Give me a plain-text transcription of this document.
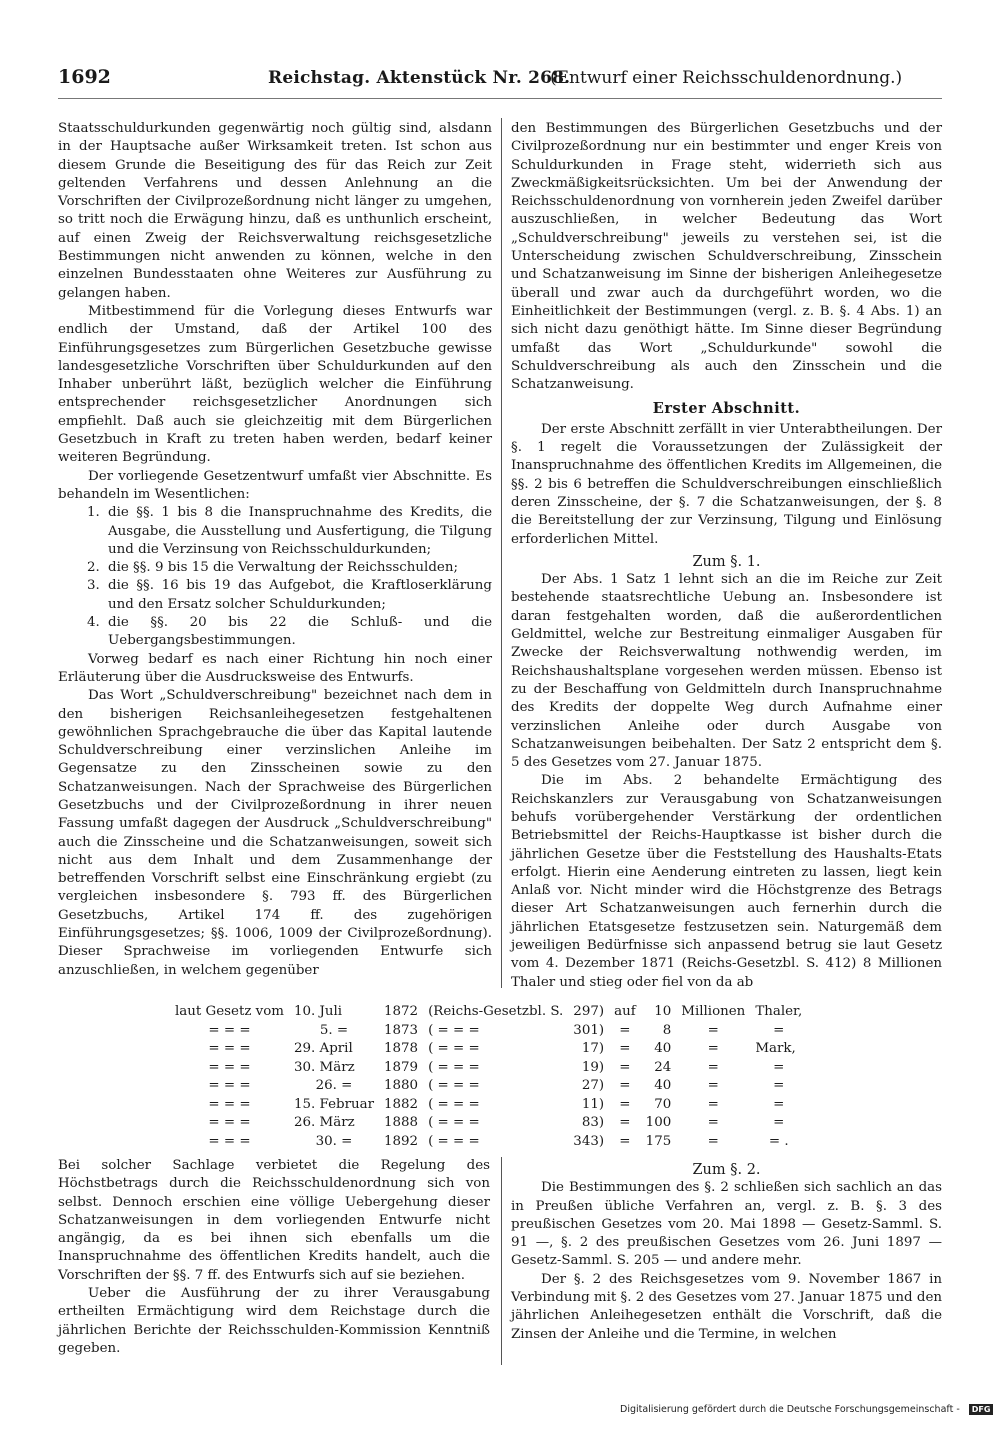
1692	Reichstag. Aktenstück Nr. 268.
(Entwurf einer Reichsschuldenordnung.)

Staatsschuldurkunden gegenwärtig noch gültig sind, alsdann in der Hauptsache außer Wirksamkeit treten. Ist schon aus diesem Grunde die Beseitigung des für das Reich zur Zeit geltenden Verfahrens und dessen Anlehnung an die Vorschriften der Civilprozeßordnung nicht länger zu umgehen, so tritt noch die Erwägung hinzu, daß es unthunlich erscheint, auf einen Zweig der Reichsverwaltung reichsgesetzliche Bestimmungen nicht anwenden zu können, welche in den einzelnen Bundesstaaten ohne Weiteres zur Ausführung zu gelangen haben.

Mitbestimmend für die Vorlegung dieses Entwurfs war endlich der Umstand, daß der Artikel 100 des Einführungsgesetzes zum Bürgerlichen Gesetzbuche gewisse landesgesetzliche Vorschriften über Schuldurkunden auf den Inhaber unberührt läßt, bezüglich welcher die Einführung entsprechender reichsgesetzlicher Anordnungen sich empfiehlt. Daß auch sie gleichzeitig mit dem Bürgerlichen Gesetzbuch in Kraft zu treten haben werden, bedarf keiner weiteren Begründung.

Der vorliegende Gesetzentwurf umfaßt vier Abschnitte. Es behandeln im Wesentlichen:

1. die §§. 1 bis 8 die Inanspruchnahme des Kredits, die Ausgabe, die Ausstellung und Ausfertigung, die Tilgung und die Verzinsung von Reichsschuldurkunden;
2. die §§. 9 bis 15 die Verwaltung der Reichsschulden;
3. die §§. 16 bis 19 das Aufgebot, die Kraftloserklärung und den Ersatz solcher Schuldurkunden;
4. die §§. 20 bis 22 die Schluß- und die Uebergangsbestimmungen.

Vorweg bedarf es nach einer Richtung hin noch einer Erläuterung über die Ausdrucksweise des Entwurfs.

Das Wort „Schuldverschreibung" bezeichnet nach dem in den bisherigen Reichsanleihegesetzen festgehaltenen gewöhnlichen Sprachgebrauche die über das Kapital lautende Schuldverschreibung einer verzinslichen Anleihe im Gegensatze zu den Zinsscheinen sowie zu den Schatzanweisungen. Nach der Sprachweise des Bürgerlichen Gesetzbuchs und der Civilprozeßordnung in ihrer neuen Fassung umfaßt dagegen der Ausdruck „Schuldverschreibung" auch die Zinsscheine und die Schatzanweisungen, soweit sich nicht aus dem Inhalt und dem Zusammenhange der betreffenden Vorschrift selbst eine Einschränkung ergiebt (zu vergleichen insbesondere §. 793 ff. des Bürgerlichen Gesetzbuchs, Artikel 174 ff. des zugehörigen Einführungsgesetzes; §§. 1006, 1009 der Civilprozeßordnung). Dieser Sprachweise im vorliegenden Entwurfe sich anzuschließen, in welchem gegenüber

den Bestimmungen des Bürgerlichen Gesetzbuchs und der Civilprozeßordnung nur ein bestimmter und enger Kreis von Schuldurkunden in Frage steht, widerrieth sich aus Zweckmäßigkeitsrücksichten. Um bei der Anwendung der Reichsschuldenordnung von vornherein jeden Zweifel darüber auszuschließen, in welcher Bedeutung das Wort „Schuldverschreibung" jeweils zu verstehen sei, ist die Unterscheidung zwischen Schuldverschreibung, Zinsschein und Schatzanweisung im Sinne der bisherigen Anleihegesetze überall und zwar auch da durchgeführt worden, wo die Einheitlichkeit der Bestimmungen (vergl. z. B. §. 4 Abs. 1) an sich nicht dazu genöthigt hätte. Im Sinne dieser Begründung umfaßt das Wort „Schuldurkunde" sowohl die Schuldverschreibung als auch den Zinsschein und die Schatzanweisung.

Erster Abschnitt.

Der erste Abschnitt zerfällt in vier Unterabtheilungen. Der §. 1 regelt die Voraussetzungen der Zulässigkeit der Inanspruchnahme des öffentlichen Kredits im Allgemeinen, die §§. 2 bis 6 betreffen die Schuldverschreibungen einschließlich deren Zinsscheine, der §. 7 die Schatzanweisungen, der §. 8 die Bereitstellung der zur Verzinsung, Tilgung und Einlösung erforderlichen Mittel.

Zum §. 1.

Der Abs. 1 Satz 1 lehnt sich an die im Reiche zur Zeit bestehende staatsrechtliche Uebung an. Insbesondere ist daran festgehalten worden, daß die außerordentlichen Geldmittel, welche zur Bestreitung einmaliger Ausgaben für Zwecke der Reichsverwaltung nothwendig werden, im Reichshaushaltsplane vorgesehen werden müssen. Ebenso ist zu der Beschaffung von Geldmitteln durch Inanspruchnahme des Kredits der doppelte Weg durch Aufnahme einer verzinslichen Anleihe oder durch Ausgabe von Schatzanweisungen beibehalten. Der Satz 2 entspricht dem §. 5 des Gesetzes vom 27. Januar 1875.

Die im Abs. 2 behandelte Ermächtigung des Reichskanzlers zur Verausgabung von Schatzanweisungen behufs vorübergehender Verstärkung der ordentlichen Betriebsmittel der Reichs-Hauptkasse ist bisher durch die jährlichen Gesetze über die Feststellung des Haushalts-Etats erfolgt. Hierin eine Aenderung eintreten zu lassen, liegt kein Anlaß vor. Nicht minder wird die Höchstgrenze des Betrags dieser Art Schatzanweisungen auch fernerhin durch die jährlichen Etatsgesetze festzusetzen sein. Naturgemäß dem jeweiligen Bedürfnisse sich anpassend betrug sie laut Gesetz vom 4. Dezember 1871 (Reichs-Gesetzbl. S. 412) 8 Millionen Thaler und stieg oder fiel von da ab

laut Gesetz vom	10. Juli	1872	(Reichs-Gesetzbl. S.	297)	auf	10	Millionen	Thaler,
= = =	5. =	1873	( = = =	301)	=	8	=	=
= = =	29. April	1878	( = = =	17)	=	40	=	Mark,
= = =	30. März	1879	( = = =	19)	=	24	=	=
= = =	26. =	1880	( = = =	27)	=	40	=	=
= = =	15. Februar	1882	( = = =	11)	=	70	=	=
= = =	26. März	1888	( = = =	83)	=	100	=	=
= = =	30. =	1892	( = = =	343)	=	175	=	= .

Bei solcher Sachlage verbietet die Regelung des Höchstbetrags durch die Reichsschuldenordnung sich von selbst. Dennoch erschien eine völlige Uebergehung dieser Schatzanweisungen in dem vorliegenden Entwurfe nicht angängig, da es bei ihnen sich ebenfalls um die Inanspruchnahme des öffentlichen Kredits handelt, auch die Vorschriften der §§. 7 ff. des Entwurfs sich auf sie beziehen.

Ueber die Ausführung der zu ihrer Verausgabung ertheilten Ermächtigung wird dem Reichstage durch die jährlichen Berichte der Reichsschulden-Kommission Kenntniß gegeben.

Zum §. 2.

Die Bestimmungen des §. 2 schließen sich sachlich an das in Preußen übliche Verfahren an, vergl. z. B. §. 3 des preußischen Gesetzes vom 20. Mai 1898 — Gesetz-Samml. S. 91 —, §. 2 des preußischen Gesetzes vom 26. Juni 1897 — Gesetz-Samml. S. 205 — und andere mehr.

Der §. 2 des Reichsgesetzes vom 9. November 1867 in Verbindung mit §. 2 des Gesetzes vom 27. Januar 1875 und den jährlichen Anleihegesetzen enthält die Vorschrift, daß die Zinsen der Anleihe und die Termine, in welchen

Digitalisierung gefördert durch die Deutsche Forschungsgemeinschaft - DFG
